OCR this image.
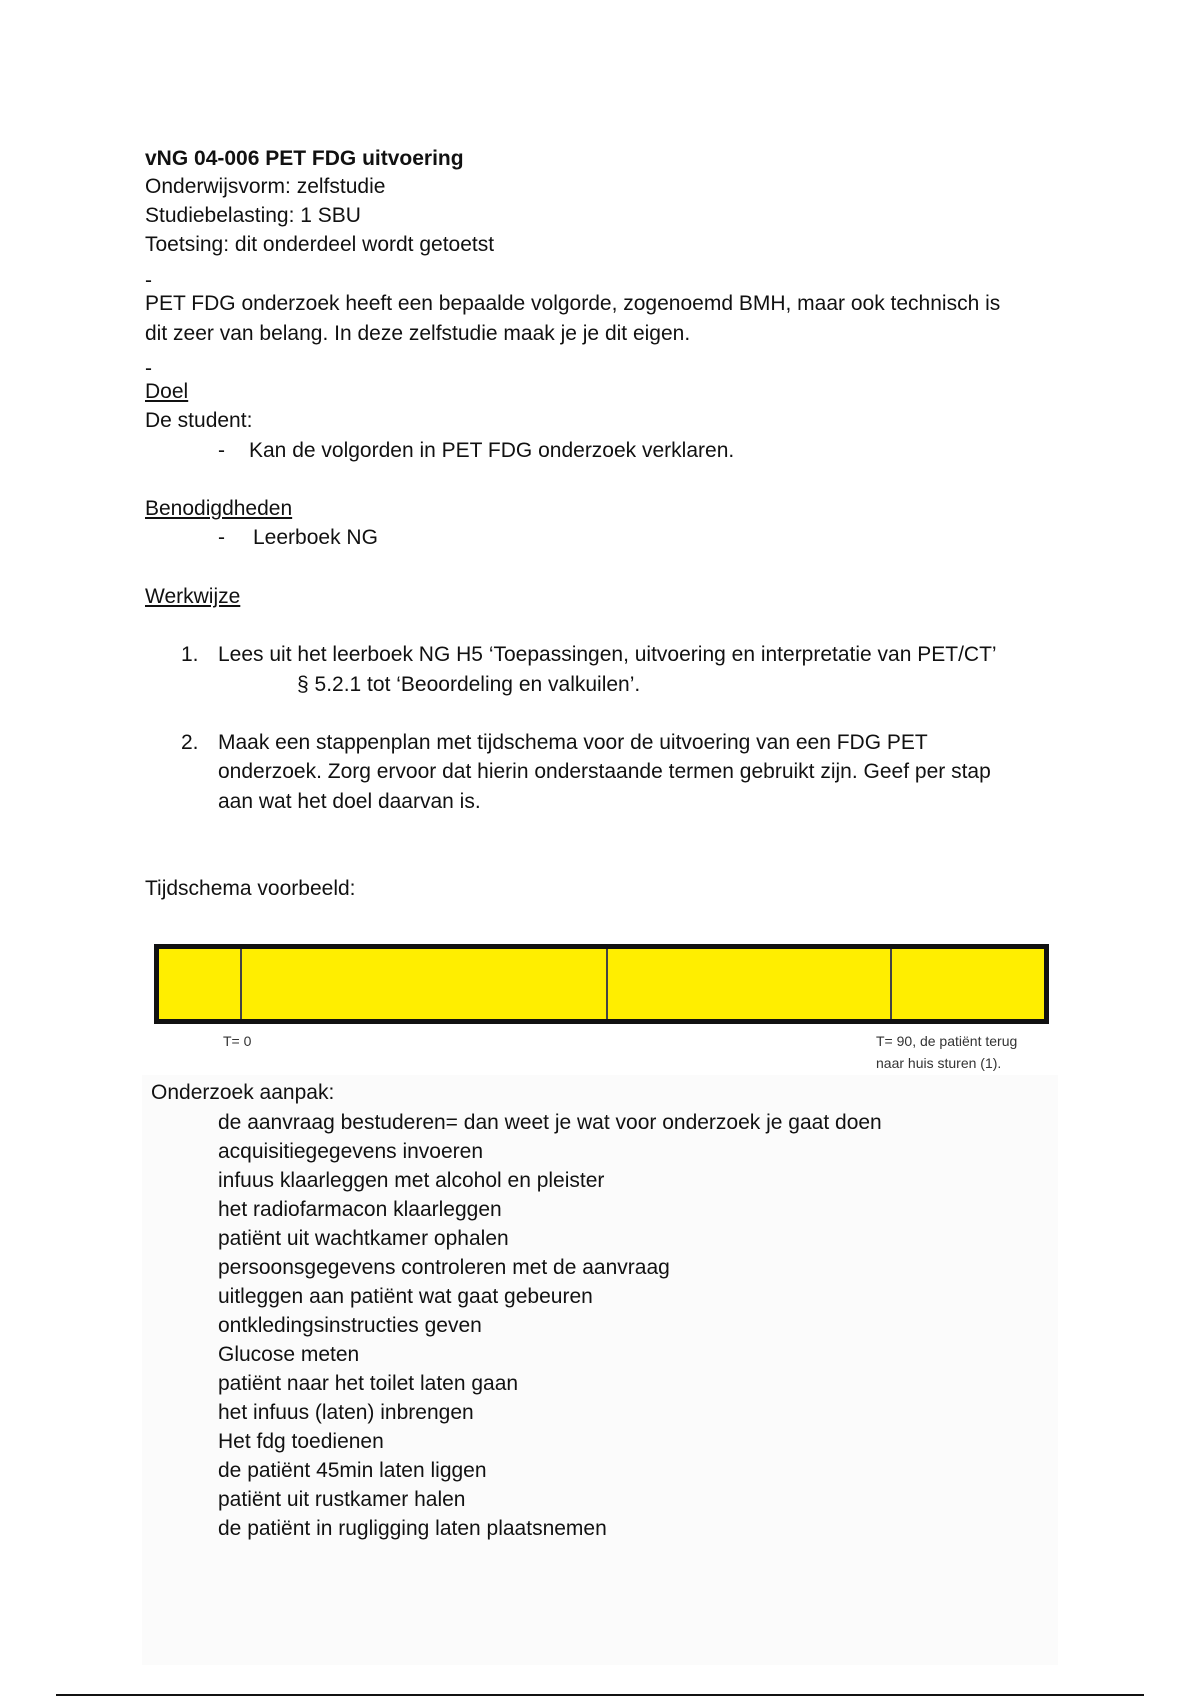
vNG 04-006 PET FDG uitvoering
Onderwijsvorm: zelfstudie
Studiebelasting: 1 SBU
Toetsing: dit onderdeel wordt getoetst
-
PET FDG onderzoek heeft een bepaalde volgorde, zogenoemd BMH, maar ook technisch is
dit zeer van belang. In deze zelfstudie maak je je dit eigen.
-
Doel
De student:
- Kan de volgorden in PET FDG onderzoek verklaren.
Benodigdheden
- Leerboek NG
Werkwijze
1. Lees uit het leerboek NG H5 ‘Toepassingen, uitvoering en interpretatie van PET/CT’
§ 5.2.1 tot ‘Beoordeling en valkuilen’.
2. Maak een stappenplan met tijdschema voor de uitvoering van een FDG PET
onderzoek. Zorg ervoor dat hierin onderstaande termen gebruikt zijn. Geef per stap
aan wat het doel daarvan is.
Tijdschema voorbeeld:
T= 0	T= 90, de patiënt terug
naar huis sturen (1).
Onderzoek aanpak:
de aanvraag bestuderen= dan weet je wat voor onderzoek je gaat doen
acquisitiegegevens invoeren
infuus klaarleggen met alcohol en pleister
het radiofarmacon klaarleggen
patiënt uit wachtkamer ophalen
persoonsgegevens controleren met de aanvraag
uitleggen aan patiënt wat gaat gebeuren
ontkledingsinstructies geven
Glucose meten
patiënt naar het toilet laten gaan
het infuus (laten) inbrengen
Het fdg toedienen
de patiënt 45min laten liggen
patiënt uit rustkamer halen
de patiënt in rugligging laten plaatsnemen
